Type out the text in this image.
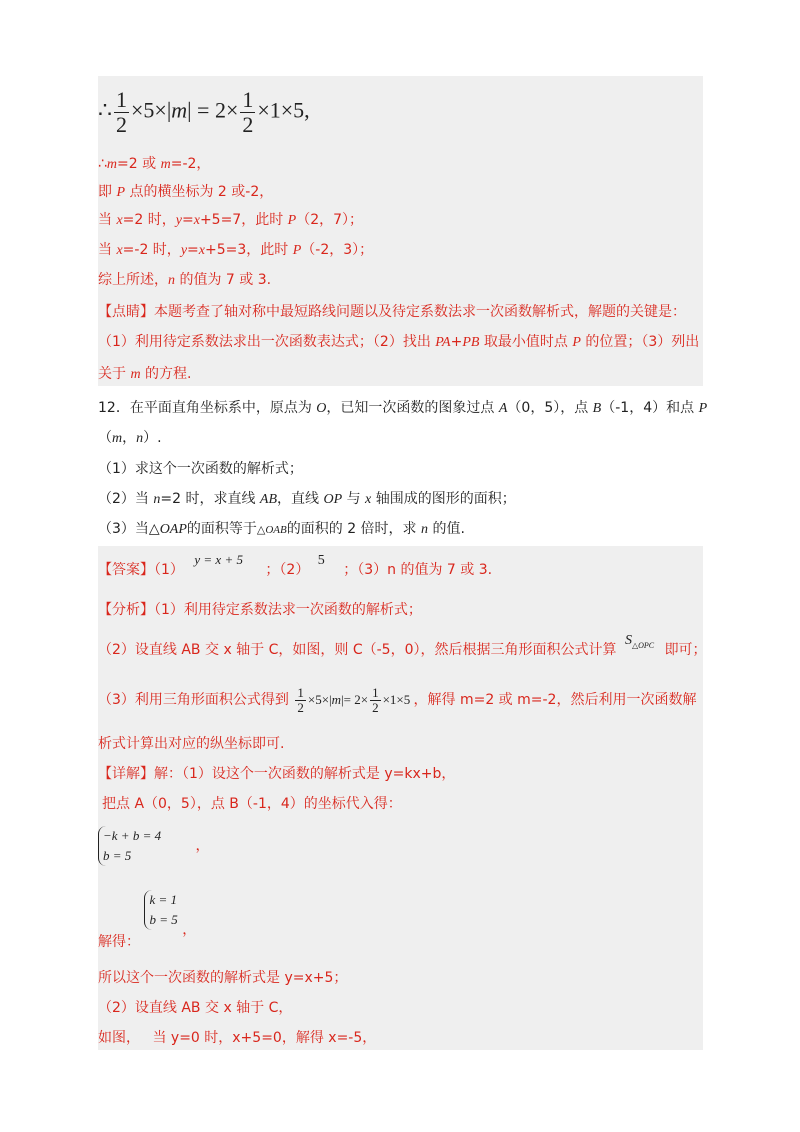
∴ $\frac{1}{2} \times 5\times|m| = 2\times \frac{1}{2} \times 1\times 5$,
∴m=2 或 m=-2，
即 P 点的横坐标为 2 或-2，
当 x=2 时，y=x+5=7，此时 P（2，7）；
当 x=-2 时，y=x+5=3，此时 P（-2，3）；
综上所述，n 的值为 7 或 3.
【点睛】本题考查了轴对称中最短路线问题以及待定系数法求一次函数解析式，解题的关键是：
（1）利用待定系数法求出一次函数表达式；（2）找出 PA+PB 取最小值时点 P 的位置；（3）列出
关于 m 的方程.
12．在平面直角坐标系中，原点为 O，已知一次函数的图象过点 A（0，5），点 B（-1，4）和点 P
（m，n）.
（1）求这个一次函数的解析式；
（2）当 n=2 时，求直线 AB，直线 OP 与 x 轴围成的图形的面积；
（3）当△OAP的面积等于△OAB的面积的 2 倍时，求 n 的值.
【答案】（1） y = x + 5 ；（2） 5 ；（3）n 的值为 7 或 3.
【分析】（1）利用待定系数法求一次函数的解析式；
（2）设直线 AB 交 x 轴于 C，如图，则 C（-5，0），然后根据三角形面积公式计算 $S^{\triangle OPC}$ 即可；
（3）利用三角形面积公式得到 $\frac{1}{2} \times 5\times|m|= 2\times \frac{1}{2} \times 1\times 5$ ，解得 m=2 或 m=-2，然后利用一次函数解
析式计算出对应的纵坐标即可.
【详解】解：（1）设这个一次函数的解析式是 y=kx+b，
把点 A（0，5），点 B（-1，4）的坐标代入得：
−k + b = 4
b = 5
，
解得：
k = 1
b = 5
，
所以这个一次函数的解析式是 y=x+5；
（2）设直线 AB 交 x 轴于 C，
如图， 当 y=0 时，x+5=0，解得 x=-5，
